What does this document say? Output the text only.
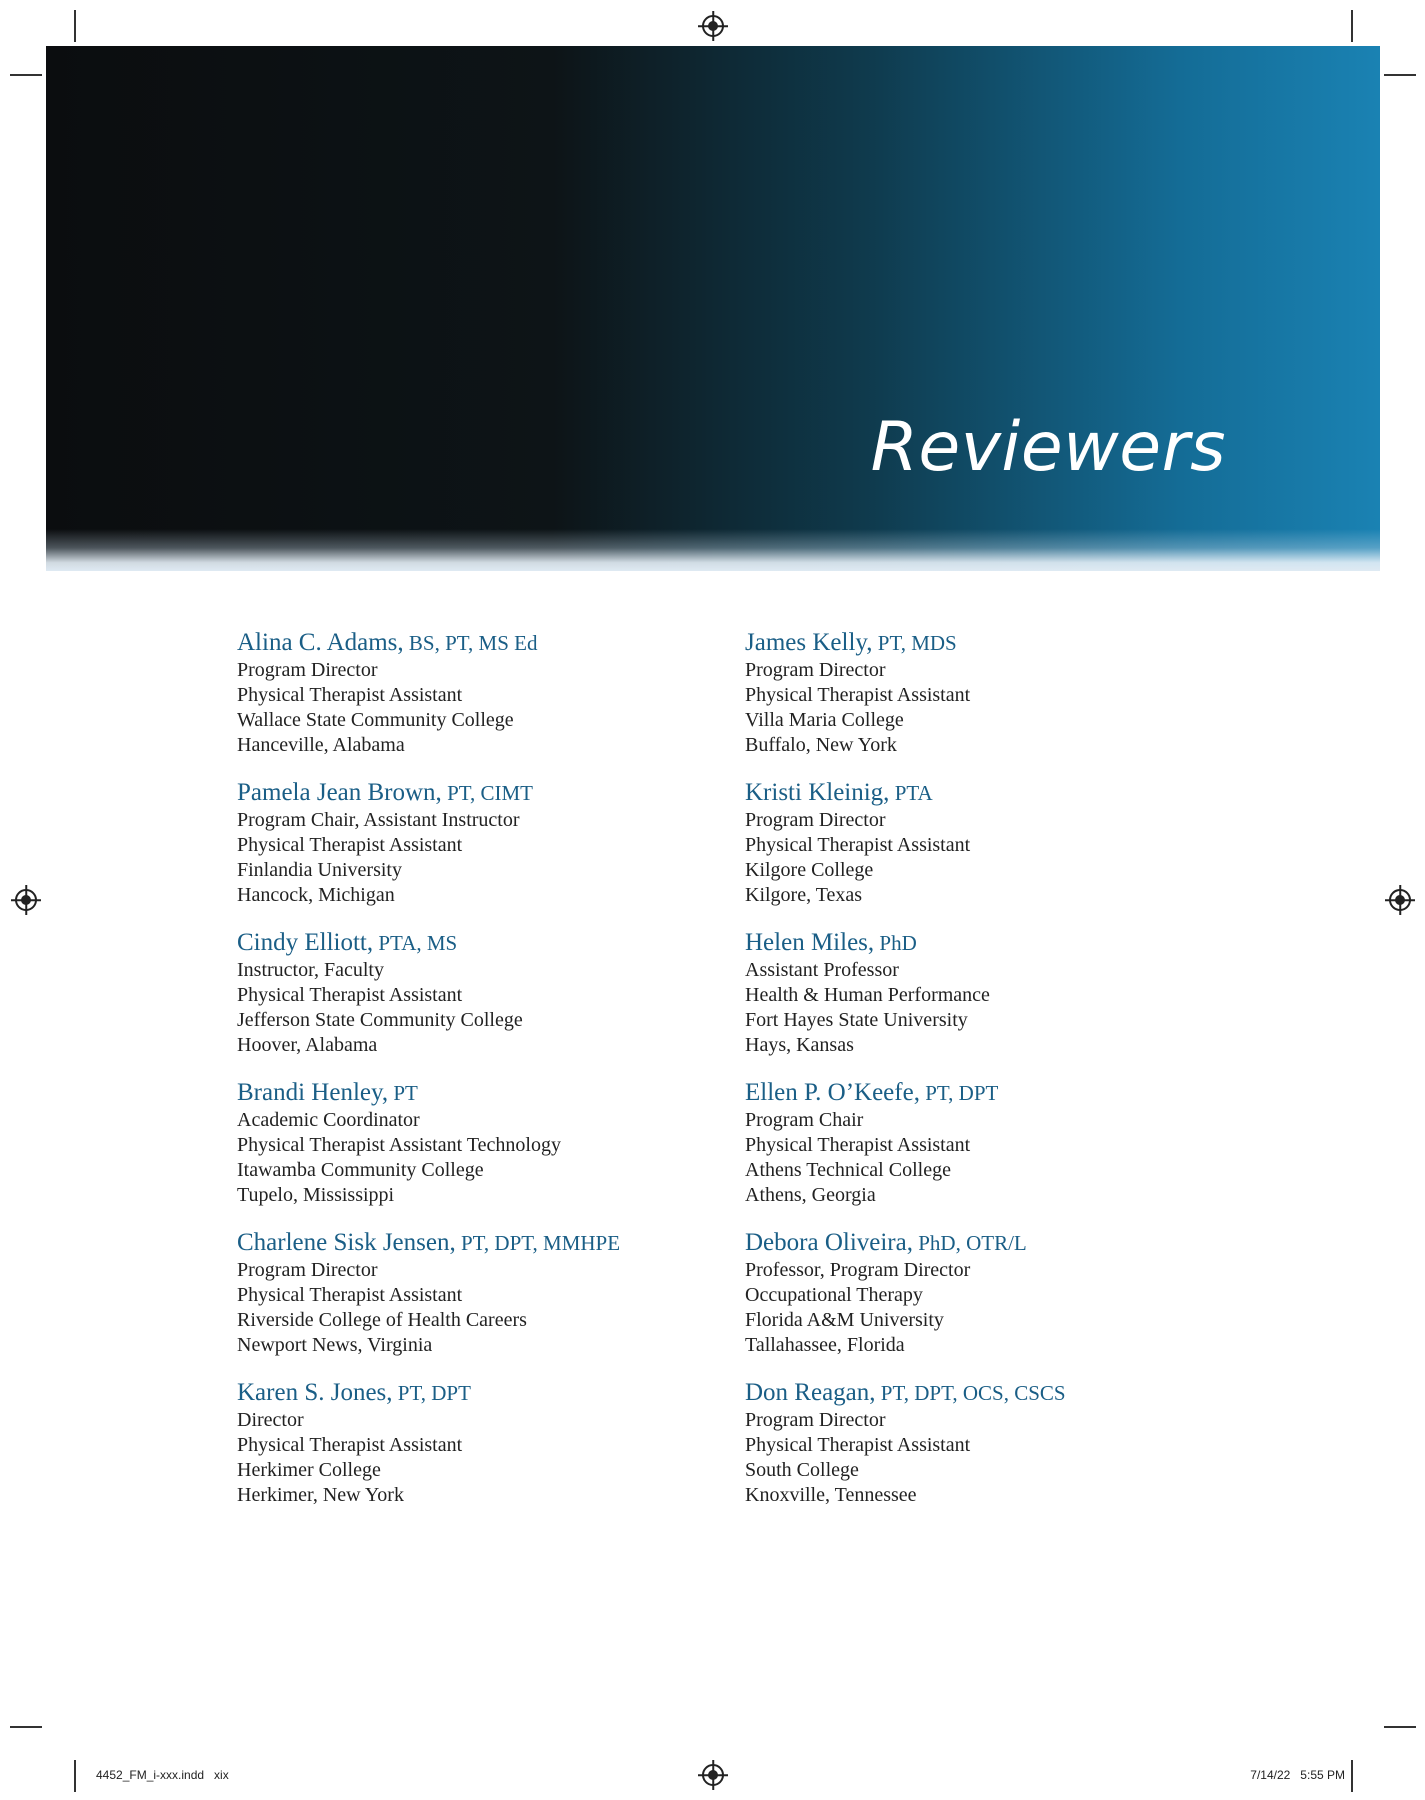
Reviewers
Alina C. Adams, BS, PT, MS Ed
Program Director
Physical Therapist Assistant
Wallace State Community College
Hanceville, Alabama
Pamela Jean Brown, PT, CIMT
Program Chair, Assistant Instructor
Physical Therapist Assistant
Finlandia University
Hancock, Michigan
Cindy Elliott, PTA, MS
Instructor, Faculty
Physical Therapist Assistant
Jefferson State Community College
Hoover, Alabama
Brandi Henley, PT
Academic Coordinator
Physical Therapist Assistant Technology
Itawamba Community College
Tupelo, Mississippi
Charlene Sisk Jensen, PT, DPT, MMHPE
Program Director
Physical Therapist Assistant
Riverside College of Health Careers
Newport News, Virginia
Karen S. Jones, PT, DPT
Director
Physical Therapist Assistant
Herkimer College
Herkimer, New York
James Kelly, PT, MDS
Program Director
Physical Therapist Assistant
Villa Maria College
Buffalo, New York
Kristi Kleinig, PTA
Program Director
Physical Therapist Assistant
Kilgore College
Kilgore, Texas
Helen Miles, PhD
Assistant Professor
Health & Human Performance
Fort Hayes State University
Hays, Kansas
Ellen P. O’Keefe, PT, DPT
Program Chair
Physical Therapist Assistant
Athens Technical College
Athens, Georgia
Debora Oliveira, PhD, OTR/L
Professor, Program Director
Occupational Therapy
Florida A&M University
Tallahassee, Florida
Don Reagan, PT, DPT, OCS, CSCS
Program Director
Physical Therapist Assistant
South College
Knoxville, Tennessee
4452_FM_i-xxx.indd   xix	7/14/22   5:55 PM
